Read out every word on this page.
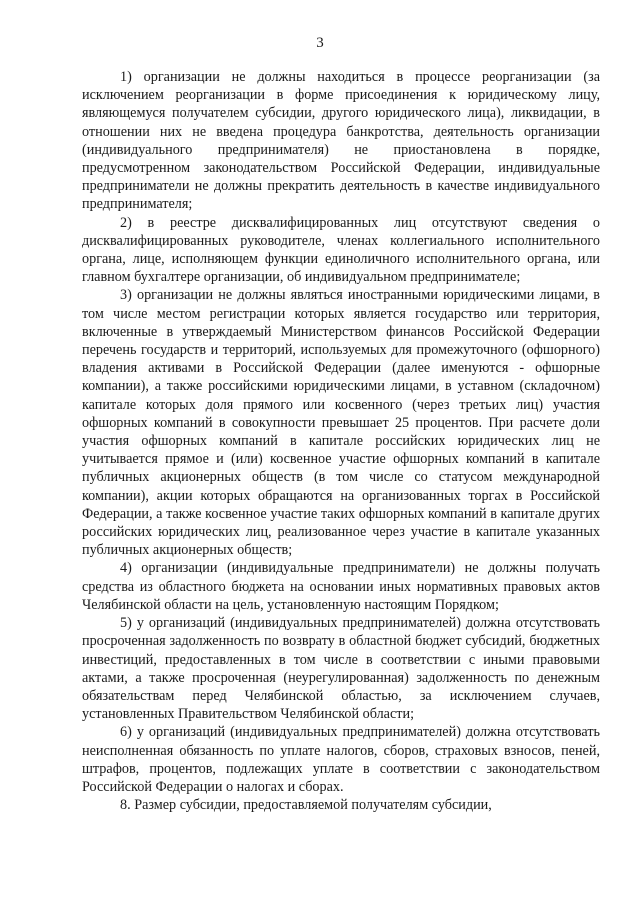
3

1) организации не должны находиться в процессе реорганизации (за исключением реорганизации в форме присоединения к юридическому лицу, являющемуся получателем субсидии, другого юридического лица), ликвидации, в отношении них не введена процедура банкротства, деятельность организации (индивидуального предпринимателя) не приостановлена в порядке, предусмотренном законодательством Российской Федерации, индивидуальные предприниматели не должны прекратить деятельность в качестве индивидуального предпринимателя;

2) в реестре дисквалифицированных лиц отсутствуют сведения о дисквалифицированных руководителе, членах коллегиального исполнительного органа, лице, исполняющем функции единоличного исполнительного органа, или главном бухгалтере организации, об индивидуальном предпринимателе;

3) организации не должны являться иностранными юридическими лицами, в том числе местом регистрации которых является государство или территория, включенные в утверждаемый Министерством финансов Российской Федерации перечень государств и территорий, используемых для промежуточного (офшорного) владения активами в Российской Федерации (далее именуются - офшорные компании), а также российскими юридическими лицами, в уставном (складочном) капитале которых доля прямого или косвенного (через третьих лиц) участия офшорных компаний в совокупности превышает 25 процентов. При расчете доли участия офшорных компаний в капитале российских юридических лиц не учитывается прямое и (или) косвенное участие офшорных компаний в капитале публичных акционерных обществ (в том числе со статусом международной компании), акции которых обращаются на организованных торгах в Российской Федерации, а также косвенное участие таких офшорных компаний в капитале других российских юридических лиц, реализованное через участие в капитале указанных публичных акционерных обществ;

4) организации (индивидуальные предприниматели) не должны получать средства из областного бюджета на основании иных нормативных правовых актов Челябинской области на цель, установленную настоящим Порядком;

5) у организаций (индивидуальных предпринимателей) должна отсутствовать просроченная задолженность по возврату в областной бюджет субсидий, бюджетных инвестиций, предоставленных в том числе в соответствии с иными правовыми актами, а также просроченная (неурегулированная) задолженность по денежным обязательствам перед Челябинской областью, за исключением случаев, установленных Правительством Челябинской области;

6) у организаций (индивидуальных предпринимателей) должна отсутствовать неисполненная обязанность по уплате налогов, сборов, страховых взносов, пеней, штрафов, процентов, подлежащих уплате в соответствии с законодательством Российской Федерации о налогах и сборах.

8. Размер субсидии, предоставляемой получателям субсидии,
